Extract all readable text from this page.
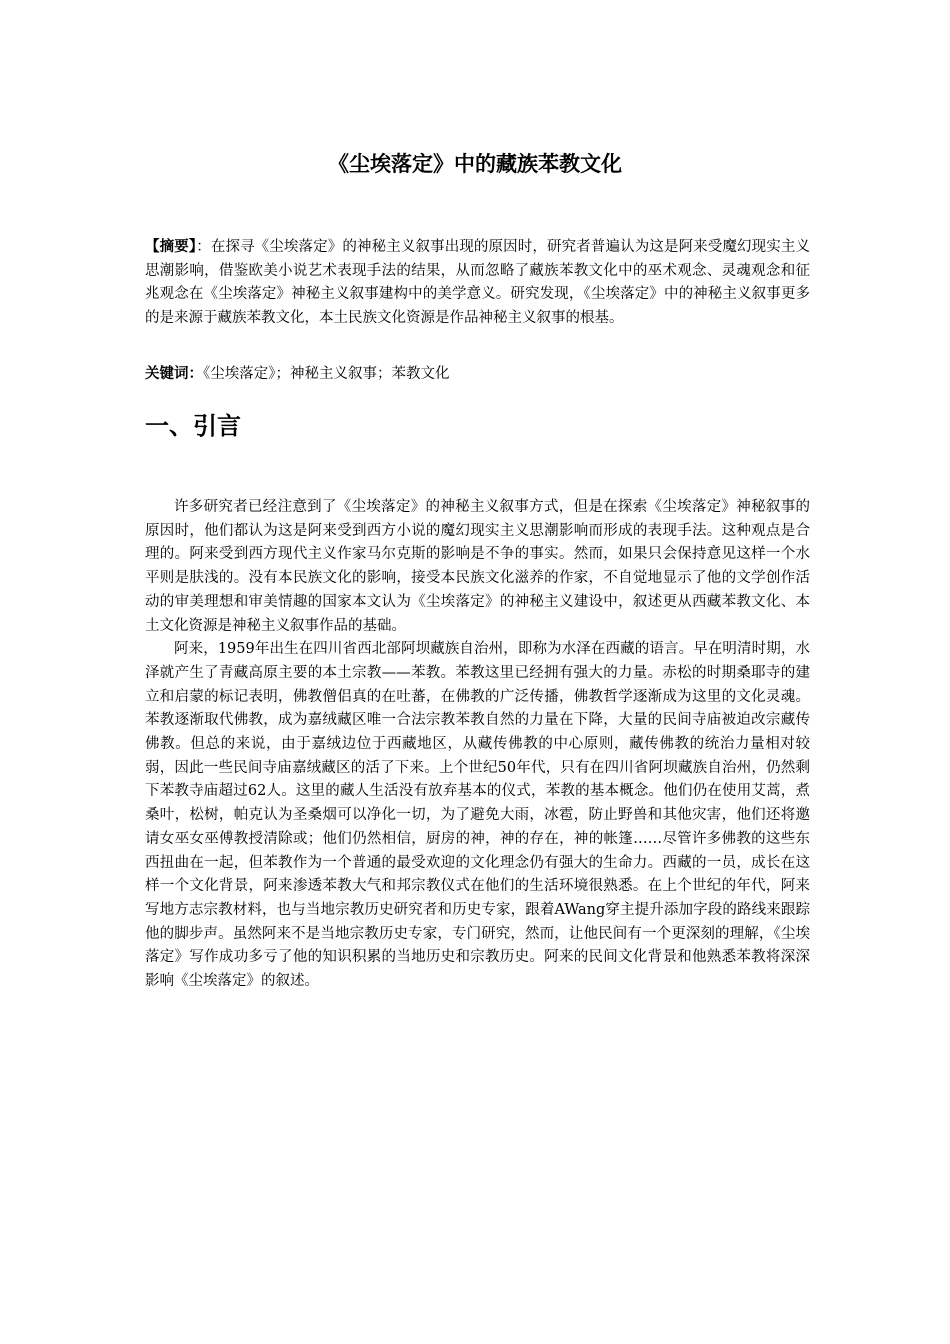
《尘埃落定》中的藏族苯教文化
【摘要】：在探寻《尘埃落定》的神秘主义叙事出现的原因时，研究者普遍认为这是阿来受魔幻现实主义思潮影响，借鉴欧美小说艺术表现手法的结果，从而忽略了藏族苯教文化中的巫术观念、灵魂观念和征兆观念在《尘埃落定》神秘主义叙事建构中的美学意义。研究发现，《尘埃落定》中的神秘主义叙事更多的是来源于藏族苯教文化，本土民族文化资源是作品神秘主义叙事的根基。
关键词：《尘埃落定》；神秘主义叙事；苯教文化
一、引言

许多研究者已经注意到了《尘埃落定》的神秘主义叙事方式，但是在探索《尘埃落定》神秘叙事的原因时，他们都认为这是阿来受到西方小说的魔幻现实主义思潮影响而形成的表现手法。这种观点是合理的。阿来受到西方现代主义作家马尔克斯的影响是不争的事实。然而，如果只会保持意见这样一个水平则是肤浅的。没有本民族文化的影响，接受本民族文化滋养的作家，不自觉地显示了他的文学创作活动的审美理想和审美情趣的国家本文认为《尘埃落定》的神秘主义建设中，叙述更从西藏苯教文化、本土文化资源是神秘主义叙事作品的基础。

阿来，1959年出生在四川省西北部阿坝藏族自治州，即称为水泽在西藏的语言。早在明清时期，水泽就产生了青藏高原主要的本土宗教——苯教。苯教这里已经拥有强大的力量。赤松的时期桑耶寺的建立和启蒙的标记表明，佛教僧侣真的在吐蕃，在佛教的广泛传播，佛教哲学逐渐成为这里的文化灵魂。苯教逐渐取代佛教，成为嘉绒藏区唯一合法宗教苯教自然的力量在下降，大量的民间寺庙被迫改宗藏传佛教。但总的来说，由于嘉绒边位于西藏地区，从藏传佛教的中心原则，藏传佛教的统治力量相对较弱，因此一些民间寺庙嘉绒藏区的活了下来。上个世纪50年代，只有在四川省阿坝藏族自治州，仍然剩下苯教寺庙超过62人。这里的藏人生活没有放弃基本的仪式，苯教的基本概念。他们仍在使用艾蒿，煮桑叶，松树，帕克认为圣桑烟可以净化一切，为了避免大雨，冰雹，防止野兽和其他灾害，他们还将邀请女巫女巫傅教授清除或；他们仍然相信，厨房的神，神的存在，神的帐篷……尽管许多佛教的这些东西扭曲在一起，但苯教作为一个普通的最受欢迎的文化理念仍有强大的生命力。西藏的一员，成长在这样一个文化背景，阿来渗透苯教大气和邦宗教仪式在他们的生活环境很熟悉。在上个世纪的年代，阿来写地方志宗教材料，也与当地宗教历史研究者和历史专家，跟着AWang穿主提升添加字段的路线来跟踪他的脚步声。虽然阿来不是当地宗教历史专家，专门研究，然而，让他民间有一个更深刻的理解，《尘埃落定》写作成功多亏了他的知识积累的当地历史和宗教历史。阿来的民间文化背景和他熟悉苯教将深深影响《尘埃落定》的叙述。
